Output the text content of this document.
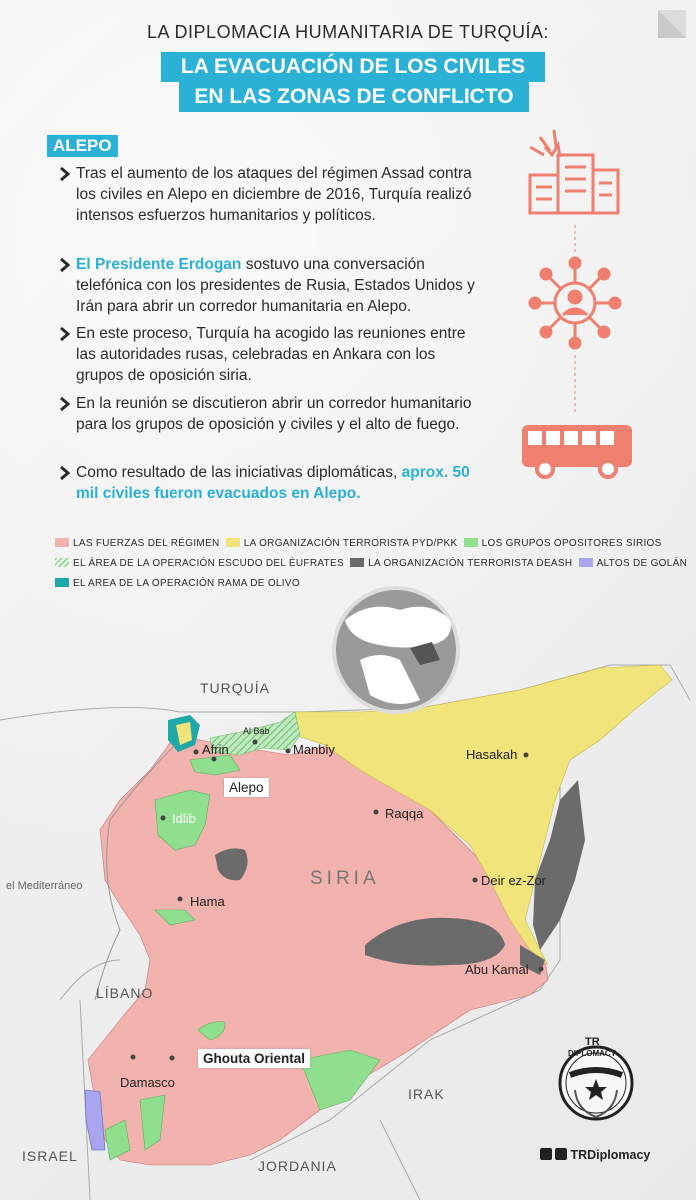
LA DIPLOMACIA HUMANITARIA DE TURQUÍA:
LA EVACUACIÓN DE LOS CIVILES
EN LAS ZONAS DE CONFLICTO
ALEPO
Tras el aumento de los ataques del régimen Assad contra los civiles en Alepo en diciembre de 2016, Turquía realizó intensos esfuerzos humanitarios y políticos.
El Presidente Erdogan sostuvo una conversación telefónica con los presidentes de Rusia, Estados Unidos y Irán para abrir un corredor humanitaria en Alepo.
En este proceso, Turquía ha acogido las reuniones entre las autoridades rusas, celebradas en Ankara con los grupos de oposición siria.
En la reunión se discutieron abrir un corredor humanitario para los grupos de oposición y civiles y el alto de fuego.
Como resultado de las iniciativas diplomáticas, aprox. 50 mil civiles fueron evacuados en Alepo.
LAS FUERZAS DEL RÉGIMEN LA ORGANIZACIÓN TERRORISTA PYD/PKK LOS GRUPOS OPOSITORES SIRIOS
EL ÁREA DE LA OPERACIÓN ESCUDO DEL ÉUFRATES LA ORGANIZACIÓN TERRORISTA DEASH ALTOS DE GOLÁN
EL AREA DE LA OPERACIÓN RAMA DE OLIVO
TURQUÍA
SIRIA
LÍBANO
IRAK
ISRAEL
JORDANIA
el Mediterráneo
Afrin
Al Bab
Manbiy	Hasakah
Alepo
Idlib	Raqqa
Deir ez-Zor
Hama
Abu Kamal
Ghouta Oriental
Damasco
TR
DIPLOMACY
TRDiplomacy
